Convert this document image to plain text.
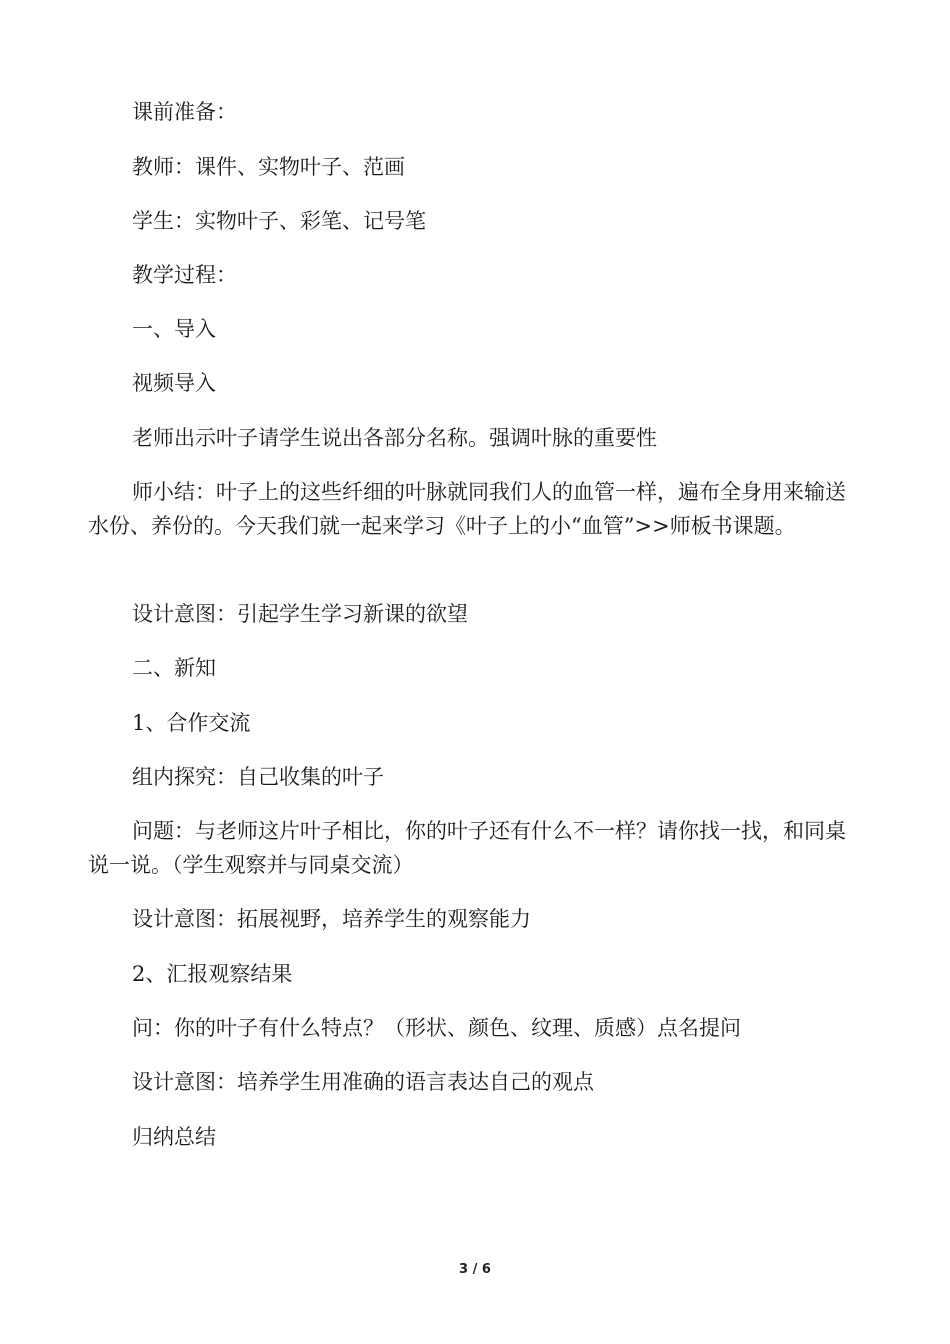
课前准备：

教师：课件、实物叶子、范画

学生：实物叶子、彩笔、记号笔

教学过程：

一、导入

视频导入

老师出示叶子请学生说出各部分名称。强调叶脉的重要性

师小结：叶子上的这些纤细的叶脉就同我们人的血管一样，遍布全身用来输送水份、养份的。今天我们就一起来学习《叶子上的小“血管”>>师板书课题。

设计意图：引起学生学习新课的欲望

二、新知

1、合作交流

组内探究：自己收集的叶子

问题：与老师这片叶子相比，你的叶子还有什么不一样？请你找一找，和同桌说一说。（学生观察并与同桌交流）

设计意图：拓展视野，培养学生的观察能力

2、汇报观察结果

问：你的叶子有什么特点？（形状、颜色、纹理、质感）点名提问

设计意图：培养学生用准确的语言表达自己的观点

归纳总结

3 / 6
